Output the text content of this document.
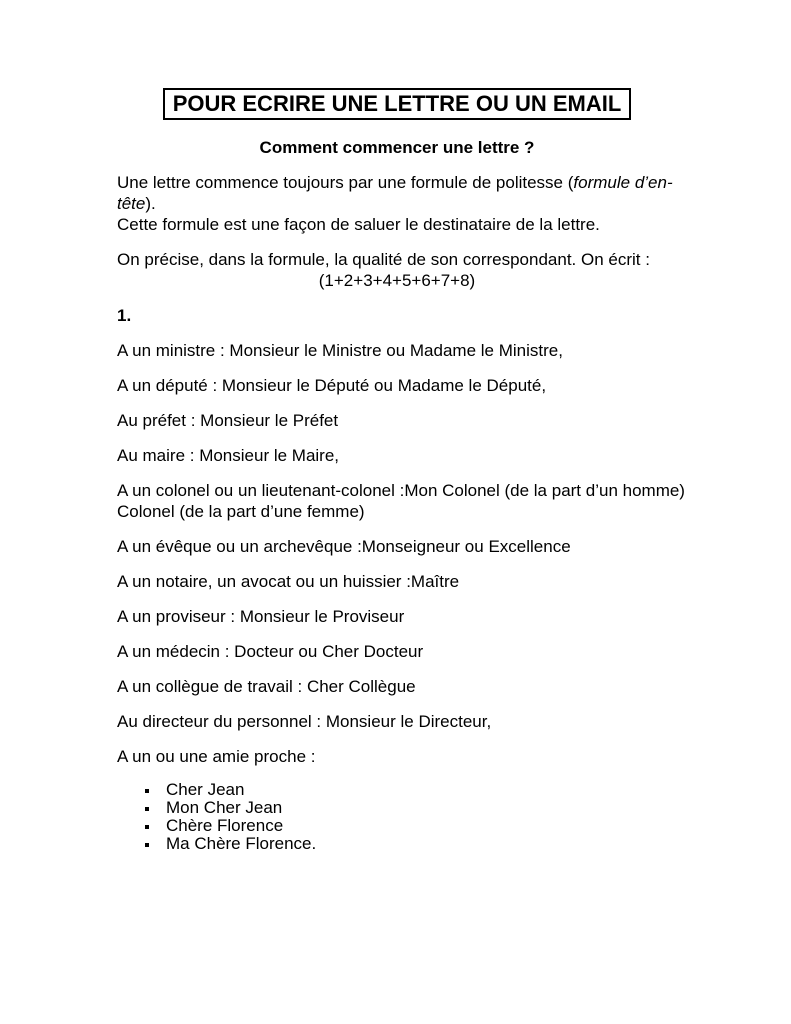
POUR ECRIRE UNE LETTRE OU UN EMAIL
Comment commencer une lettre ?

Une lettre commence toujours par une formule de politesse (formule d’en-tête).
Cette formule est une façon de saluer le destinataire de la lettre.

On précise, dans la formule, la qualité de son correspondant. On écrit :
(1+2+3+4+5+6+7+8)

1.

A un ministre : Monsieur le Ministre ou Madame le Ministre,

A un député : Monsieur le Député ou Madame le Député,

Au préfet : Monsieur le Préfet

Au maire : Monsieur le Maire,

A un colonel ou un lieutenant-colonel :Mon Colonel (de la part d’un homme)
Colonel (de la part d’une femme)

A un évêque ou un archevêque :Monseigneur ou Excellence

A un notaire, un avocat ou un huissier :Maître

A un proviseur : Monsieur le Proviseur

A un médecin : Docteur ou Cher Docteur

A un collègue de travail : Cher Collègue

Au directeur du personnel : Monsieur le Directeur,

A un ou une amie proche :

Cher Jean
Mon Cher Jean
Chère Florence
Ma Chère Florence.
